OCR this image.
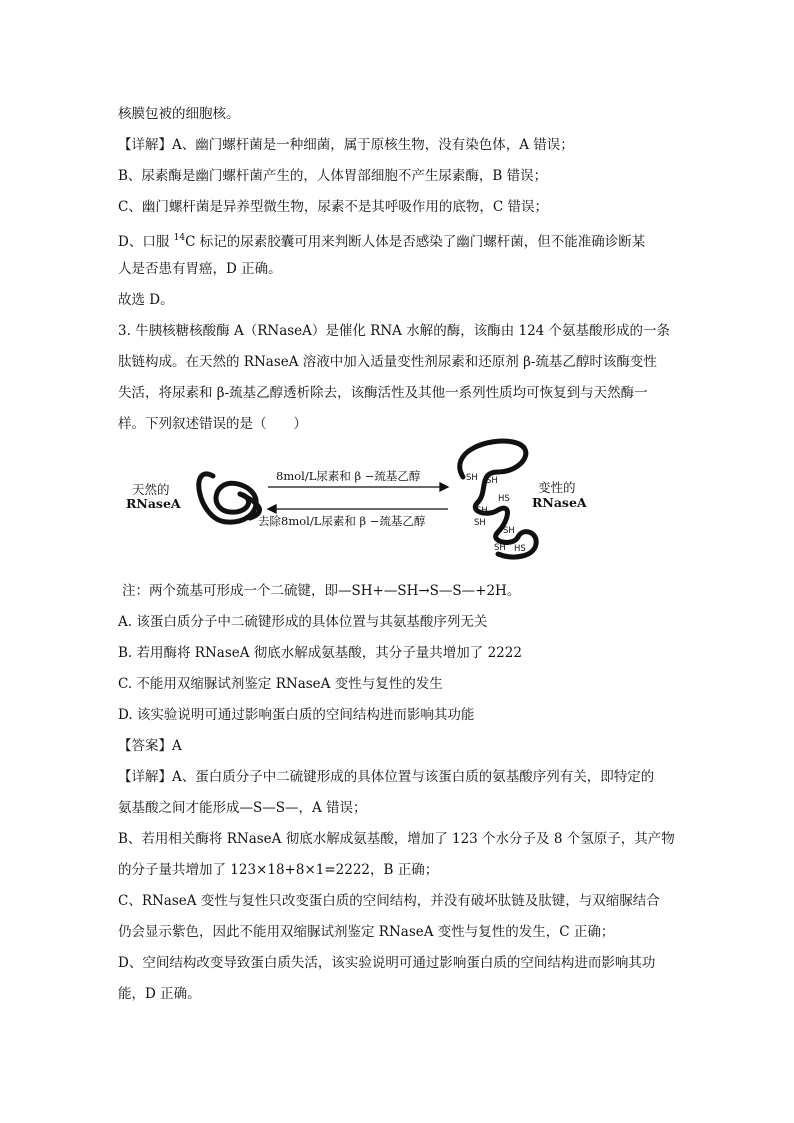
核膜包被的细胞核。
【详解】A、幽门螺杆菌是一种细菌，属于原核生物，没有染色体，A 错误；
B、尿素酶是幽门螺杆菌产生的，人体胃部细胞不产生尿素酶，B 错误；
C、幽门螺杆菌是异养型微生物，尿素不是其呼吸作用的底物，C 错误；
D、口服 $^{14}$C 标记的尿素胶囊可用来判断人体是否感染了幽门螺杆菌，但不能准确诊断某
人是否患有胃癌，D 正确。
故选 D。
3. 牛胰核糖核酸酶 A（RNaseA）是催化 RNA 水解的酶，该酶由 124 个氨基酸形成的一条
肽链构成。在天然的 RNaseA 溶液中加入适量变性剂尿素和还原剂 β-巯基乙醇时该酶变性
失活，将尿素和 β-巯基乙醇透析除去，该酶活性及其他一系列性质均可恢复到与天然酶一
样。下列叙述错误的是（　　）
天然的
RNaseA
变性的
RNaseA
8mol/L尿素和 β −巯基乙醇
去除8mol/L尿素和 β −巯基乙醇
SH SH
HS
SH
SH
SH
SH HS
注：两个巯基可形成一个二硫键，即—SH+—SH→S—S—+2H。
A. 该蛋白质分子中二硫键形成的具体位置与其氨基酸序列无关
B. 若用酶将 RNaseA 彻底水解成氨基酸，其分子量共增加了 2222
C. 不能用双缩脲试剂鉴定 RNaseA 变性与复性的发生
D. 该实验说明可通过影响蛋白质的空间结构进而影响其功能
【答案】A
【详解】A、蛋白质分子中二硫键形成的具体位置与该蛋白质的氨基酸序列有关，即特定的
氨基酸之间才能形成—S—S—，A 错误；
B、若用相关酶将 RNaseA 彻底水解成氨基酸，增加了 123 个水分子及 8 个氢原子，其产物
的分子量共增加了 123×18+8×1=2222，B 正确；
C、RNaseA 变性与复性只改变蛋白质的空间结构，并没有破坏肽链及肽键，与双缩脲结合
仍会显示紫色，因此不能用双缩脲试剂鉴定 RNaseA 变性与复性的发生，C 正确；
D、空间结构改变导致蛋白质失活，该实验说明可通过影响蛋白质的空间结构进而影响其功
能，D 正确。
